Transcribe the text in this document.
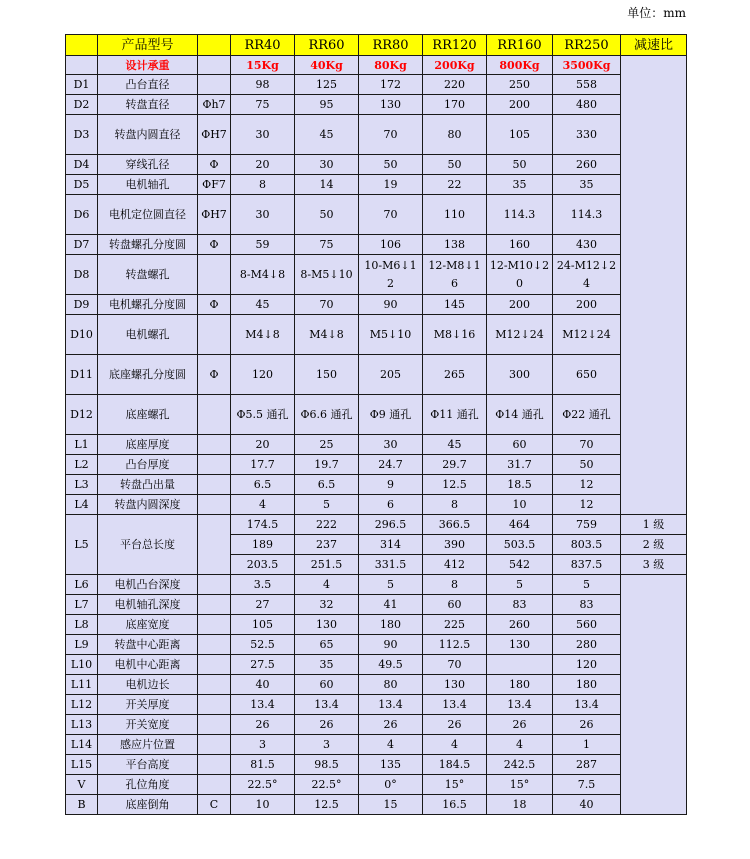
单位：mm
	产品型号		RR40	RR60	RR80	RR120	RR160	RR250	减速比
	设计承重		15Kg	40Kg	80Kg	200Kg	800Kg	3500Kg	
D1	凸台直径		98	125	172	220	250	558	
D2	转盘直径	Φh7	75	95	130	170	200	480	
D3	转盘内圆直径	ΦH7	30	45	70	80	105	330	
D4	穿线孔径	Φ	20	30	50	50	50	260	
D5	电机轴孔	ΦF7	8	14	19	22	35	35	
D6	电机定位圆直径	ΦH7	30	50	70	110	114.3	114.3	
D7	转盘螺孔分度圆	Φ	59	75	106	138	160	430	
D8	转盘螺孔		8-M4↓8	8-M5↓10	10-M6↓12	12-M8↓16	12-M10↓20	24-M12↓24	
D9	电机螺孔分度圆	Φ	45	70	90	145	200	200	
D10	电机螺孔		M4↓8	M4↓8	M5↓10	M8↓16	M12↓24	M12↓24	
D11	底座螺孔分度圆	Φ	120	150	205	265	300	650	
D12	底座螺孔		Φ5.5 通孔	Φ6.6 通孔	Φ9 通孔	Φ11 通孔	Φ14 通孔	Φ22 通孔	
L1	底座厚度		20	25	30	45	60	70	
L2	凸台厚度		17.7	19.7	24.7	29.7	31.7	50	
L3	转盘凸出量		6.5	6.5	9	12.5	18.5	12	
L4	转盘内圆深度		4	5	6	8	10	12	
L5	平台总长度		174.5	222	296.5	366.5	464	759	1 级
			189	237	314	390	503.5	803.5	2 级
			203.5	251.5	331.5	412	542	837.5	3 级
L6	电机凸台深度		3.5	4	5	8	5	5	
L7	电机轴孔深度		27	32	41	60	83	83	
L8	底座宽度		105	130	180	225	260	560	
L9	转盘中心距离		52.5	65	90	112.5	130	280	
L10	电机中心距离		27.5	35	49.5	70		120	
L11	电机边长		40	60	80	130	180	180	
L12	开关厚度		13.4	13.4	13.4	13.4	13.4	13.4	
L13	开关宽度		26	26	26	26	26	26	
L14	感应片位置		3	3	4	4	4	1	
L15	平台高度		81.5	98.5	135	184.5	242.5	287	
V	孔位角度		22.5°	22.5°	0°	15°	15°	7.5	
B	底座倒角	C	10	12.5	15	16.5	18	40	
